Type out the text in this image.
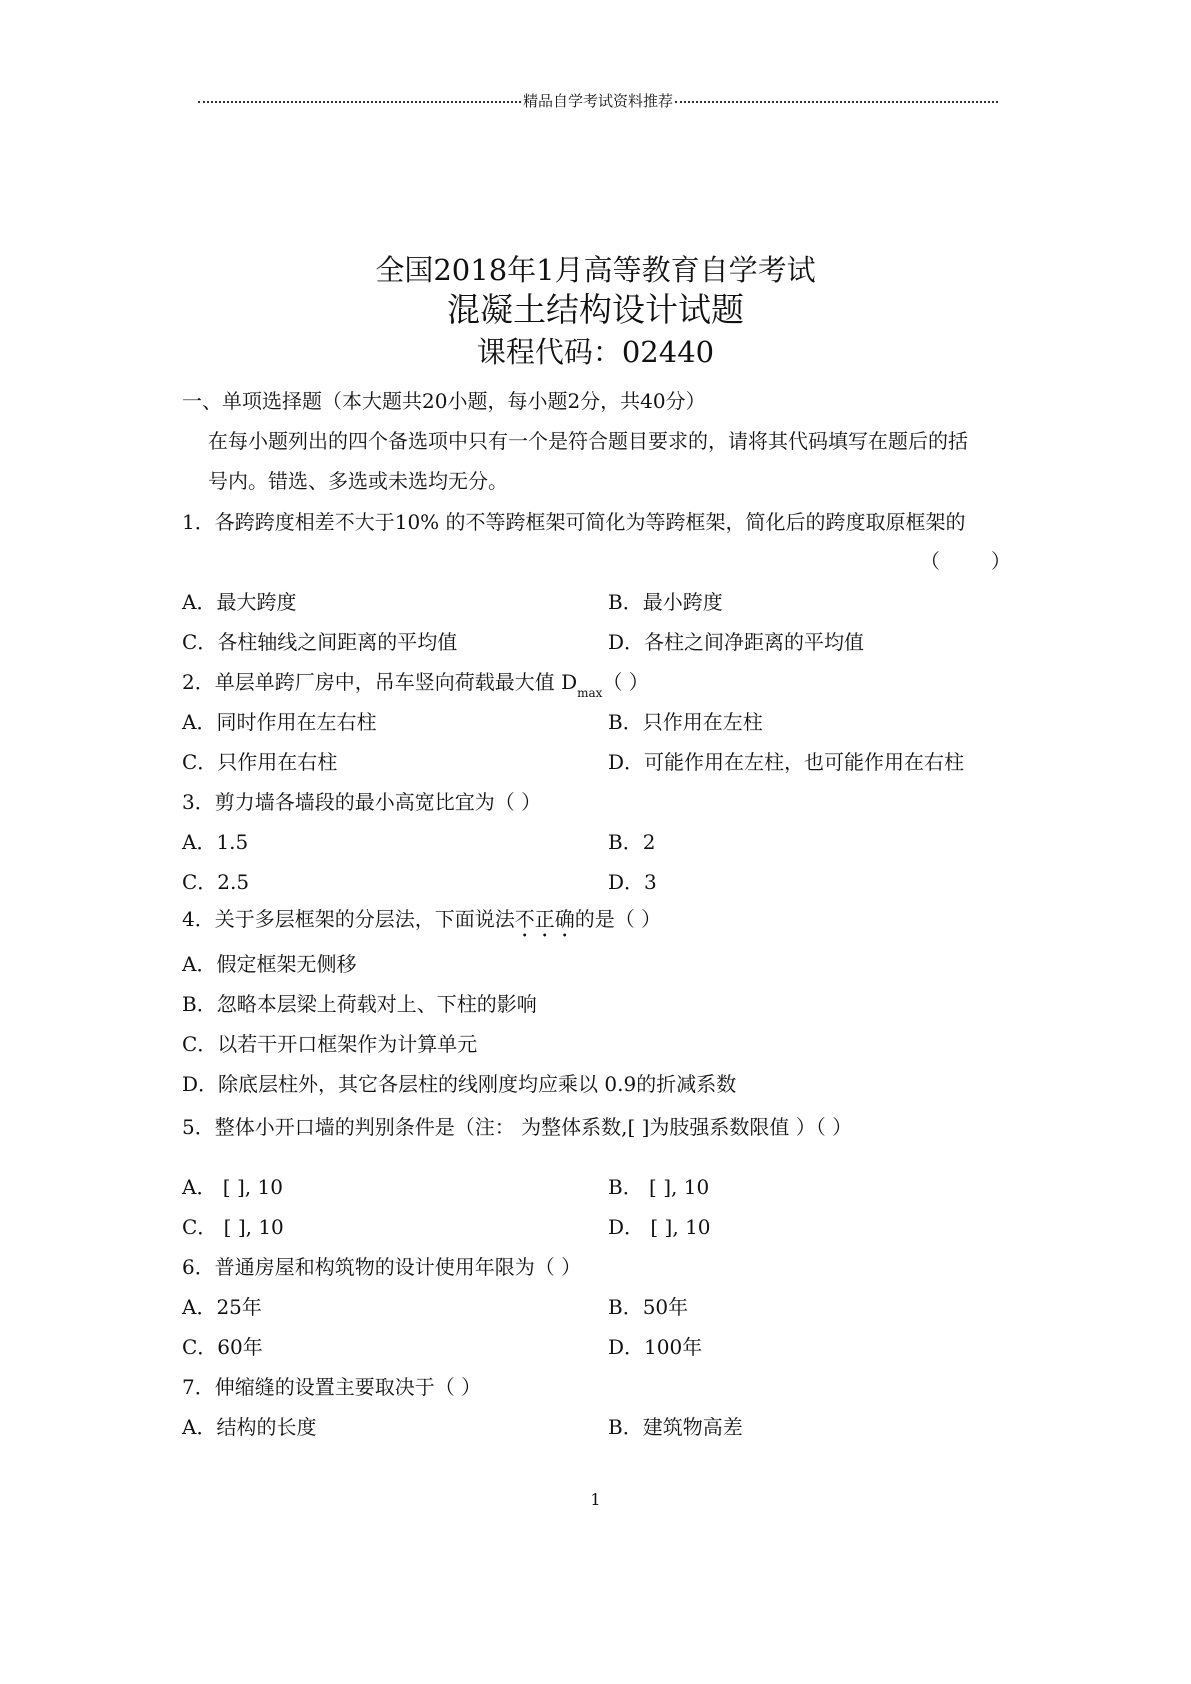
精品自学考试资料推荐
全国2018年1月高等教育自学考试
混凝土结构设计试题
课程代码：02440
一、单项选择题（本大题共20小题，每小题2分，共40分）
在每小题列出的四个备选项中只有一个是符合题目要求的，请将其代码填写在题后的括
号内。错选、多选或未选均无分。
1．各跨跨度相差不大于10% 的不等跨框架可简化为等跨框架，简化后的跨度取原框架的
（        ）
A．最大跨度	B．最小跨度
C．各柱轴线之间距离的平均值	D．各柱之间净距离的平均值
2．单层单跨厂房中，吊车竖向荷载最大值 $D_{max}$（ ）
A．同时作用在左右柱	B．只作用在左柱
C．只作用在右柱	D．可能作用在左柱，也可能作用在右柱
3．剪力墙各墙段的最小高宽比宜为（ ）
A．1.5	B．2
C．2.5	D．3
4．关于多层框架的分层法，下面说法不正确的是（ ）
A．假定框架无侧移
B．忽略本层梁上荷载对上、下柱的影响
C．以若干开口框架作为计算单元
D．除底层柱外，其它各层柱的线刚度均应乘以 0.9的折减系数
5．整体小开口墙的判别条件是（注： 为整体系数,[ ]为肢强系数限值 ）（ ）
A． [ ], 10	B． [ ], 10
C． [ ], 10	D． [ ], 10
6．普通房屋和构筑物的设计使用年限为（ ）
A．25年	B．50年
C．60年	D．100年
7．伸缩缝的设置主要取决于（ ）
A．结构的长度	B．建筑物高差
1
